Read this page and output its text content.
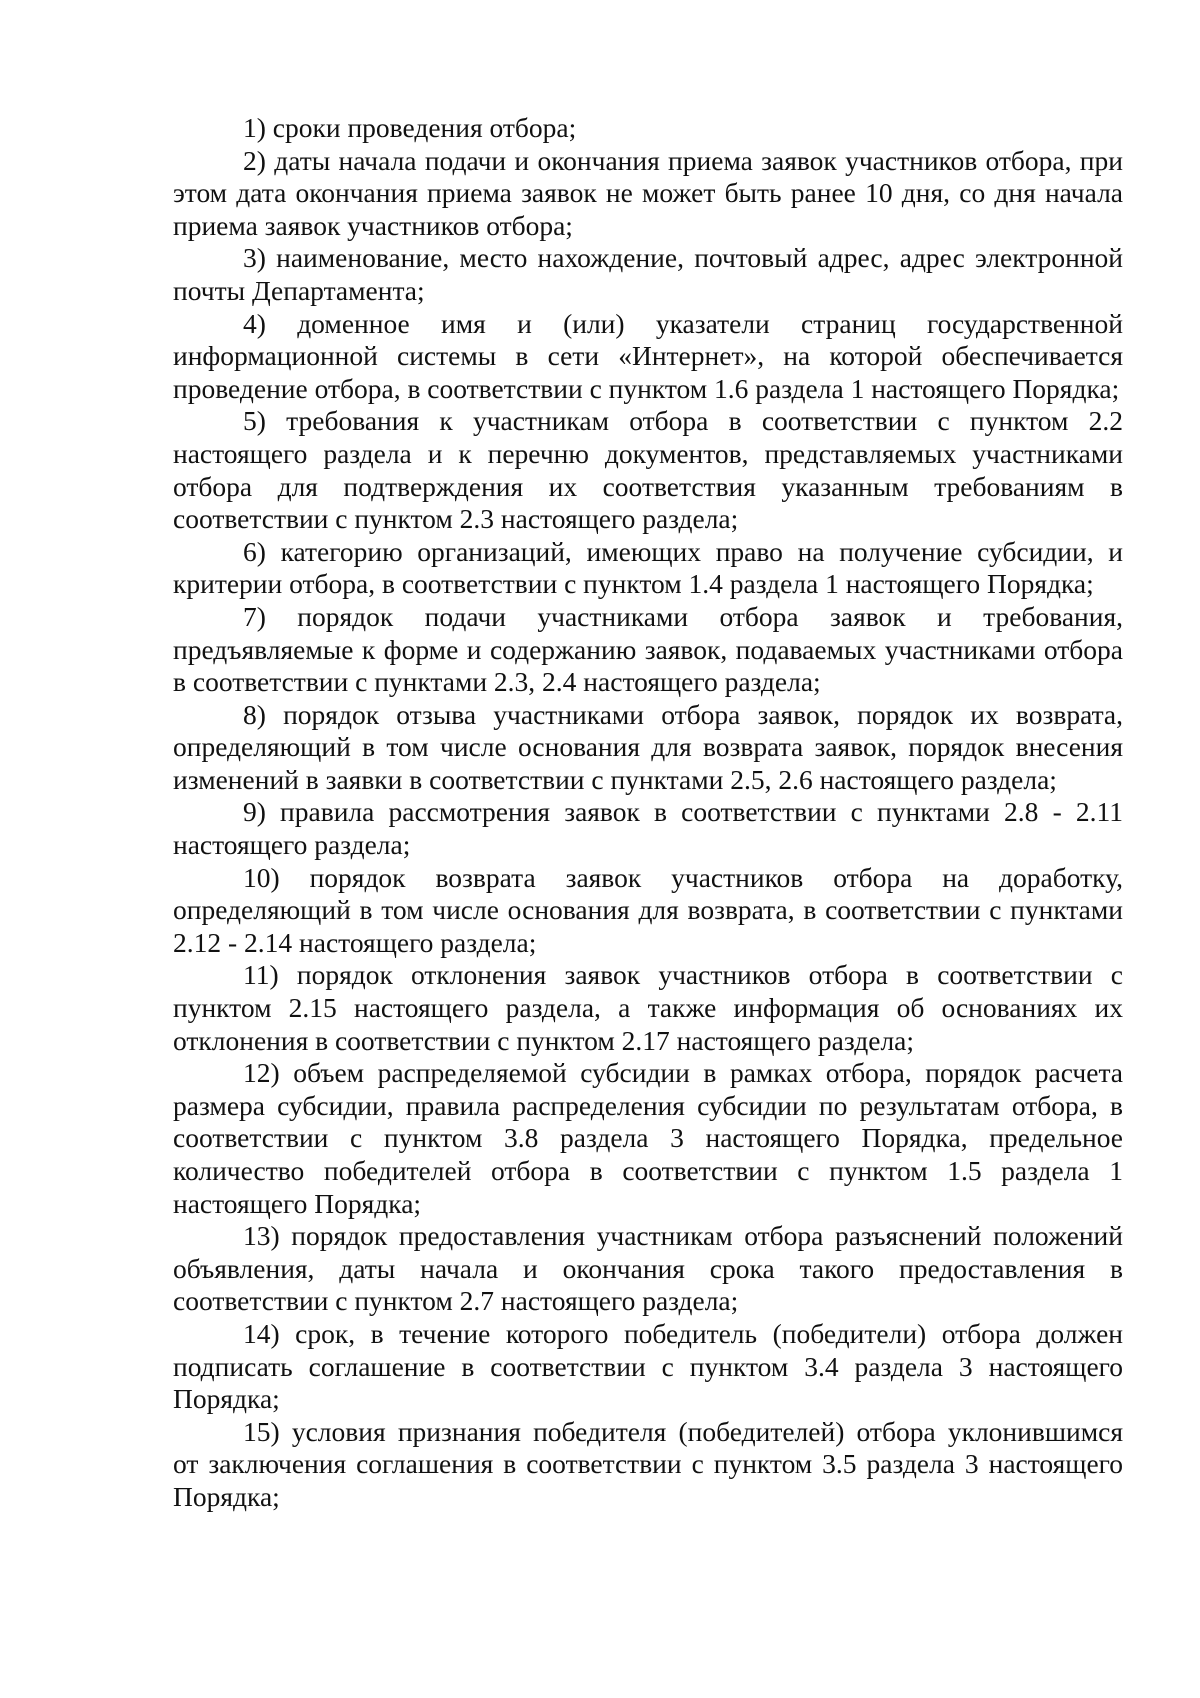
1) сроки проведения отбора;

2) даты начала подачи и окончания приема заявок участников отбора, при этом дата окончания приема заявок не может быть ранее 10 дня, со дня начала приема заявок участников отбора;

3) наименование, место нахождение, почтовый адрес, адрес электронной почты Департамента;

4) доменное имя и (или) указатели страниц государственной информационной системы в сети «Интернет», на которой обеспечивается проведение отбора, в соответствии с пунктом 1.6 раздела 1 настоящего Порядка;

5) требования к участникам отбора в соответствии с пунктом 2.2 настоящего раздела и к перечню документов, представляемых участниками отбора для подтверждения их соответствия указанным требованиям в соответствии с пунктом 2.3 настоящего раздела;

6) категорию организаций, имеющих право на получение субсидии, и критерии отбора, в соответствии с пунктом 1.4 раздела 1 настоящего Порядка;

7) порядок подачи участниками отбора заявок и требования, предъявляемые к форме и содержанию заявок, подаваемых участниками отбора в соответствии с пунктами 2.3, 2.4 настоящего раздела;

8) порядок отзыва участниками отбора заявок, порядок их возврата, определяющий в том числе основания для возврата заявок, порядок внесения изменений в заявки в соответствии с пунктами 2.5, 2.6 настоящего раздела;

9) правила рассмотрения заявок в соответствии с пунктами 2.8 - 2.11 настоящего раздела;

10) порядок возврата заявок участников отбора на доработку, определяющий в том числе основания для возврата, в соответствии с пунктами 2.12 - 2.14 настоящего раздела;

11) порядок отклонения заявок участников отбора в соответствии с пунктом 2.15 настоящего раздела, а также информация об основаниях их отклонения в соответствии с пунктом 2.17 настоящего раздела;

12) объем распределяемой субсидии в рамках отбора, порядок расчета размера субсидии, правила распределения субсидии по результатам отбора, в соответствии с пунктом 3.8 раздела 3 настоящего Порядка, предельное количество победителей отбора в соответствии с пунктом 1.5 раздела 1 настоящего Порядка;

13) порядок предоставления участникам отбора разъяснений положений объявления, даты начала и окончания срока такого предоставления в соответствии с пунктом 2.7 настоящего раздела;

14) срок, в течение которого победитель (победители) отбора должен подписать соглашение в соответствии с пунктом 3.4 раздела 3 настоящего Порядка;

15) условия признания победителя (победителей) отбора уклонившимся от заключения соглашения в соответствии с пунктом 3.5 раздела 3 настоящего Порядка;
